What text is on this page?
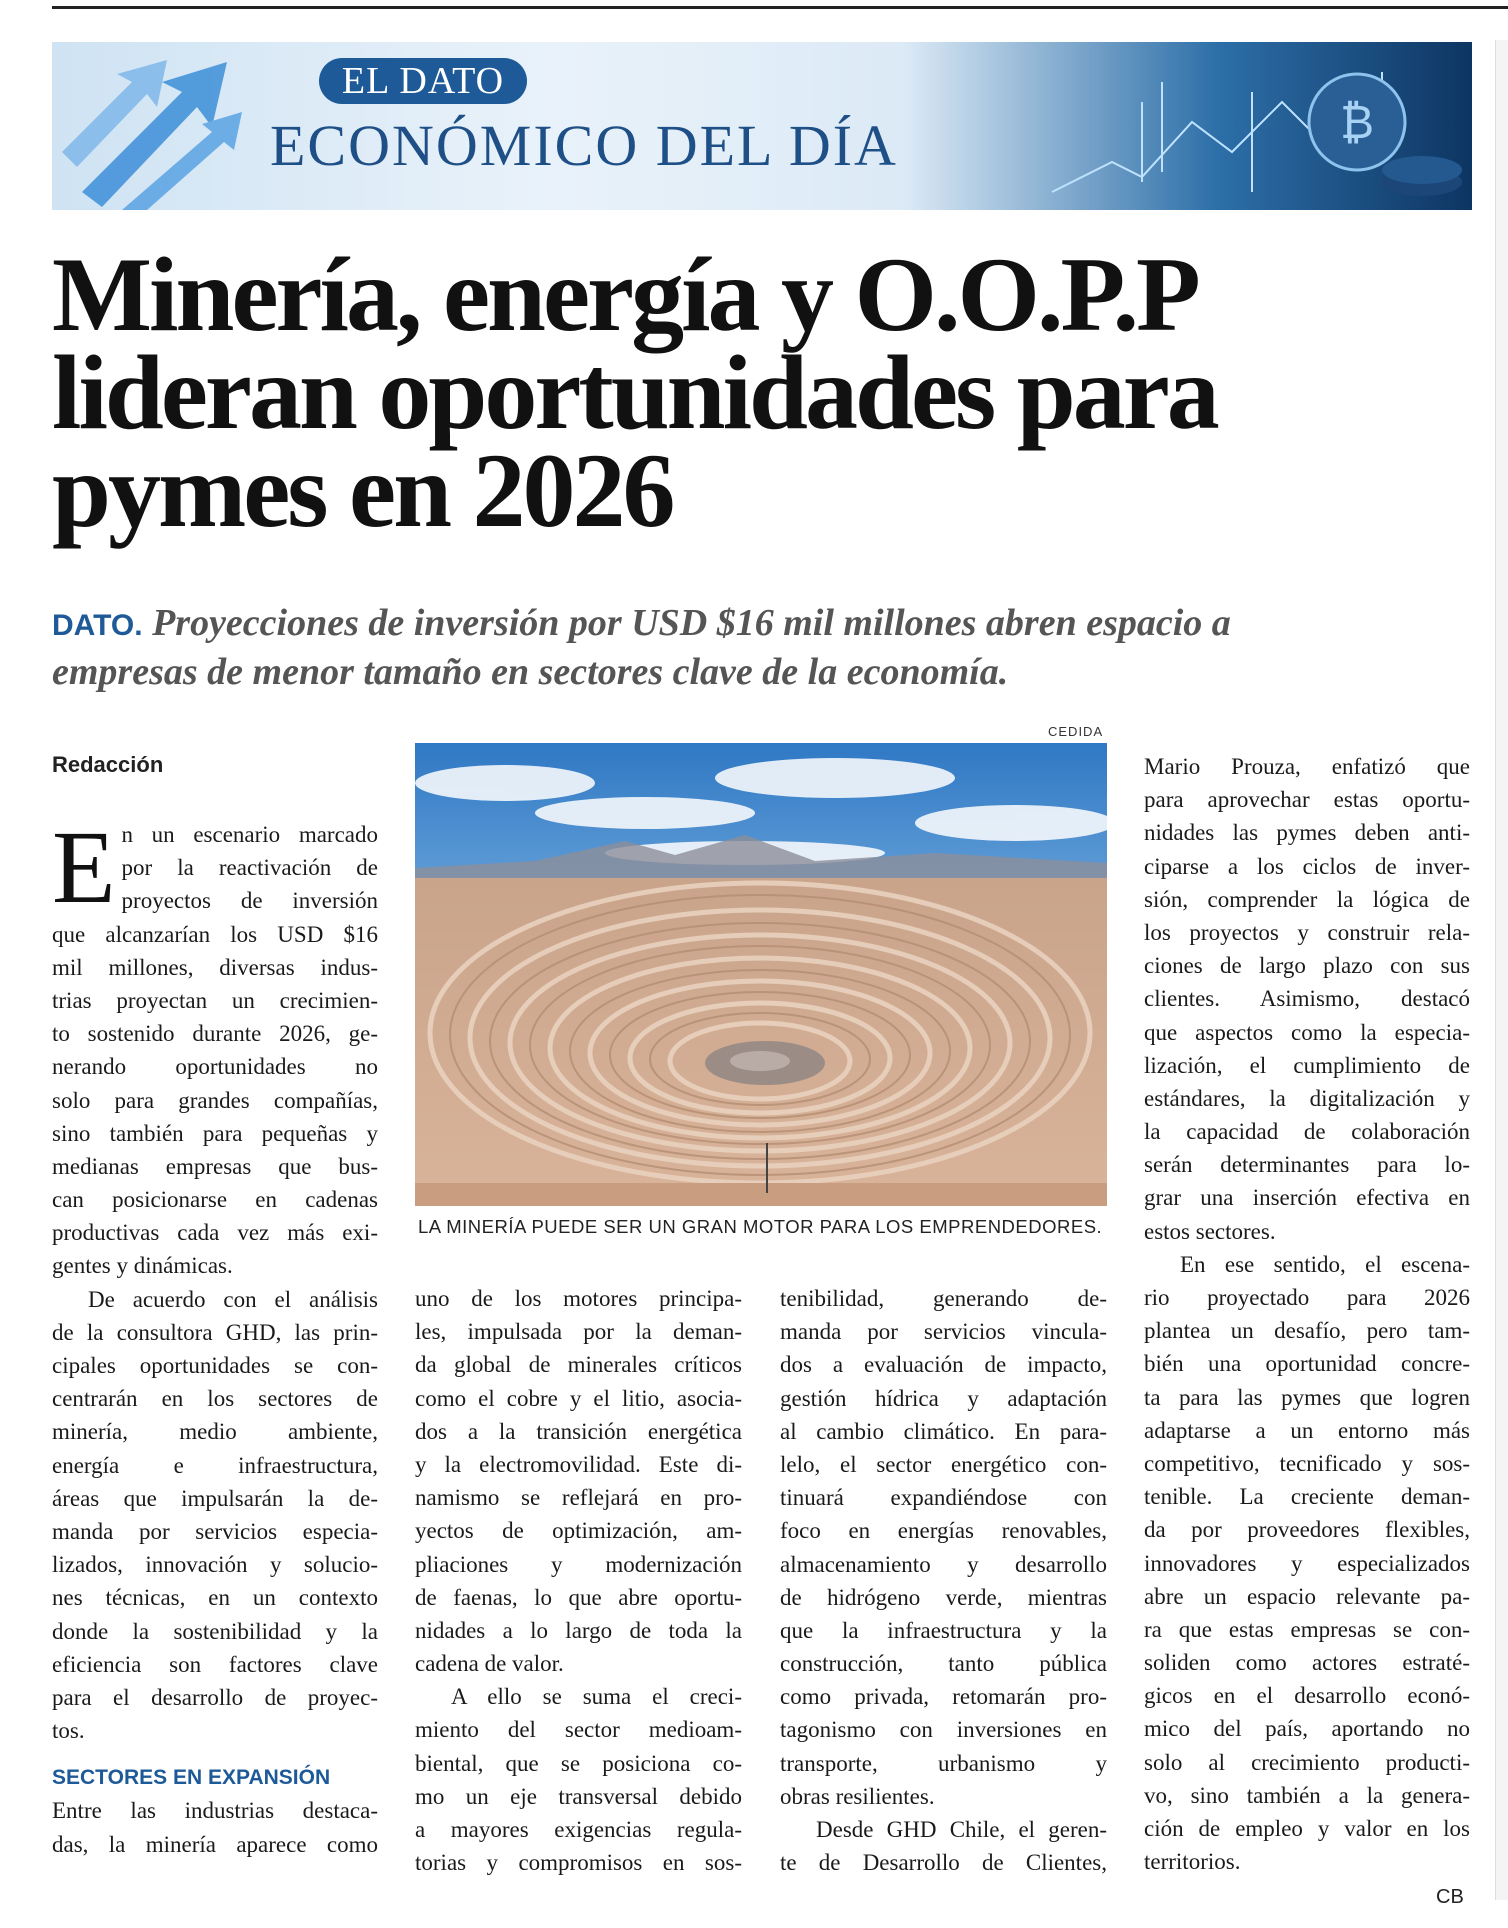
₿
EL DATO
ECONÓMICO DEL DÍA
Minería, energía y O.O.P.P
lideran oportunidades para
pymes en 2026
DATO. Proyecciones de inversión por USD $16 mil millones abren espacio a
empresas de menor tamaño en sectores clave de la economía.
Redacción
CEDIDA
LA MINERÍA PUEDE SER UN GRAN MOTOR PARA LOS EMPRENDEDORES.
E n un escenario marcado
por la reactivación de
proyectos de inversión
que alcanzarían los USD $16
mil millones, diversas indus-
trias proyectan un crecimien-
to sostenido durante 2026, ge-
nerando oportunidades no
solo para grandes compañías,
sino también para pequeñas y
medianas empresas que bus-
can posicionarse en cadenas
productivas cada vez más exi-
gentes y dinámicas.
De acuerdo con el análisis
de la consultora GHD, las prin-
cipales oportunidades se con-
centrarán en los sectores de
minería, medio ambiente,
energía e infraestructura,
áreas que impulsarán la de-
manda por servicios especia-
lizados, innovación y solucio-
nes técnicas, en un contexto
donde la sostenibilidad y la
eficiencia son factores clave
para el desarrollo de proyec-
tos.
SECTORES EN EXPANSIÓN
Entre las industrias destaca-
das, la minería aparece como
uno de los motores principa-
les, impulsada por la deman-
da global de minerales críticos
como el cobre y el litio, asocia-
dos a la transición energética
y la electromovilidad. Este di-
namismo se reflejará en pro-
yectos de optimización, am-
pliaciones y modernización
de faenas, lo que abre oportu-
nidades a lo largo de toda la
cadena de valor.
A ello se suma el creci-
miento del sector medioam-
biental, que se posiciona co-
mo un eje transversal debido
a mayores exigencias regula-
torias y compromisos en sos-
tenibilidad, generando de-
manda por servicios vincula-
dos a evaluación de impacto,
gestión hídrica y adaptación
al cambio climático. En para-
lelo, el sector energético con-
tinuará expandiéndose con
foco en energías renovables,
almacenamiento y desarrollo
de hidrógeno verde, mientras
que la infraestructura y la
construcción, tanto pública
como privada, retomarán pro-
tagonismo con inversiones en
transporte, urbanismo y
obras resilientes.
Desde GHD Chile, el geren-
te de Desarrollo de Clientes,
Mario Prouza, enfatizó que
para aprovechar estas oportu-
nidades las pymes deben anti-
ciparse a los ciclos de inver-
sión, comprender la lógica de
los proyectos y construir rela-
ciones de largo plazo con sus
clientes. Asimismo, destacó
que aspectos como la especia-
lización, el cumplimiento de
estándares, la digitalización y
la capacidad de colaboración
serán determinantes para lo-
grar una inserción efectiva en
estos sectores.
En ese sentido, el escena-
rio proyectado para 2026
plantea un desafío, pero tam-
bién una oportunidad concre-
ta para las pymes que logren
adaptarse a un entorno más
competitivo, tecnificado y sos-
tenible. La creciente deman-
da por proveedores flexibles,
innovadores y especializados
abre un espacio relevante pa-
ra que estas empresas se con-
soliden como actores estraté-
gicos en el desarrollo econó-
mico del país, aportando no
solo al crecimiento producti-
vo, sino también a la genera-
ción de empleo y valor en los
territorios.
CB
